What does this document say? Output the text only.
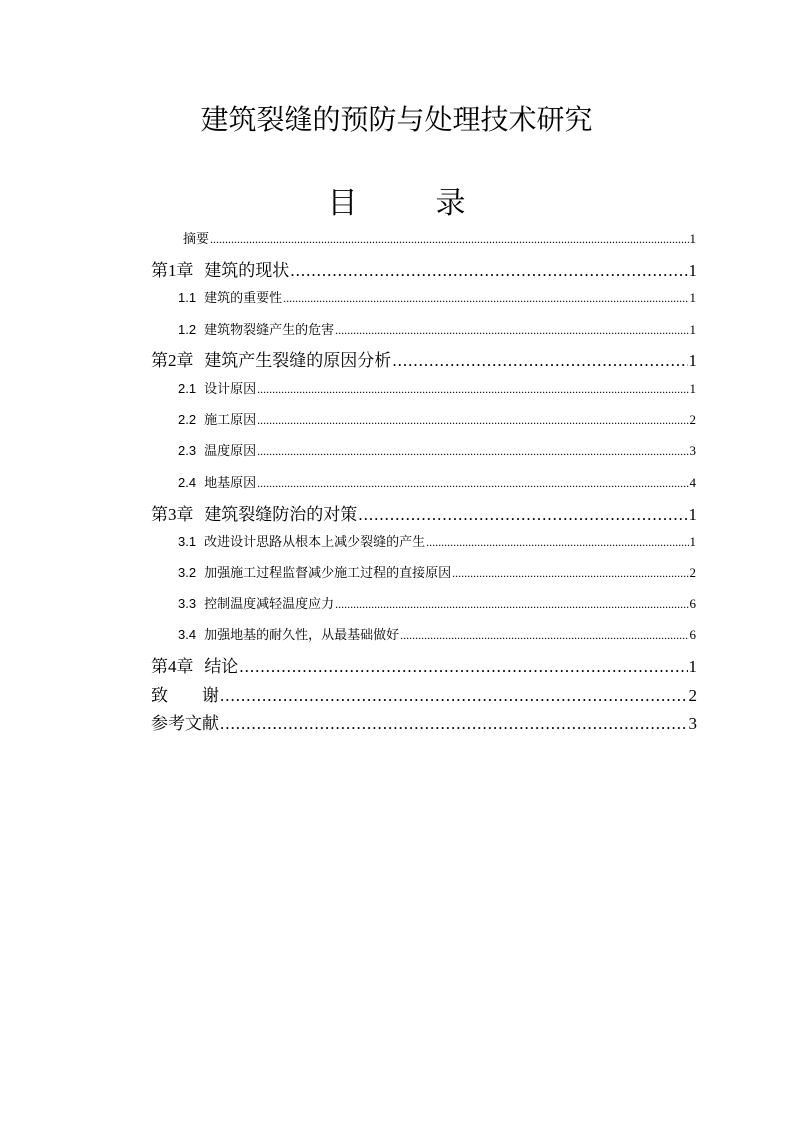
建筑裂缝的预防与处理技术研究
目	录
摘要 .....	1
第1章 建筑的现状 .....	1
1.1 建筑的重要性 .....	1
1.2 建筑物裂缝产生的危害 .....	1
第2章 建筑产生裂缝的原因分析 .....	1
2.1 设计原因 .....	1
2.2 施工原因 .....	2
2.3 温度原因 .....	3
2.4 地基原因 .....	4
第3章 建筑裂缝防治的对策 .....	1
3.1 改进设计思路从根本上减少裂缝的产生 .....	1
3.2 加强施工过程监督减少施工过程的直接原因 .....	2
3.3 控制温度减轻温度应力 .....	6
3.4 加强地基的耐久性，从最基础做好 .....	6
第4章 结论 .....	1
致　　谢 .....	2
参考文献 .....	3
